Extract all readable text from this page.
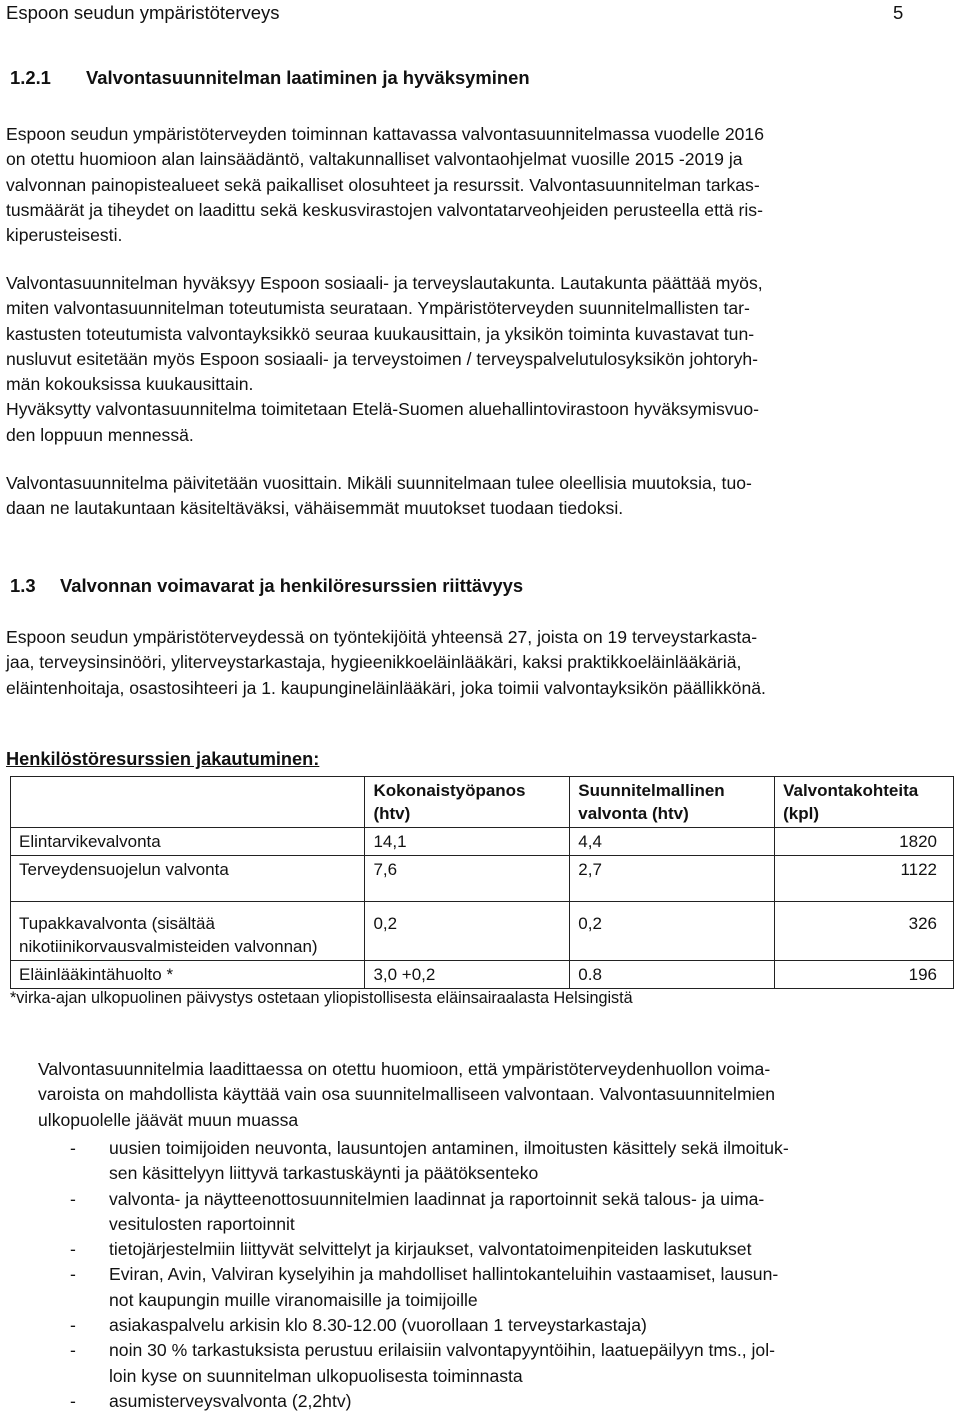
Espoon seudun ympäristöterveys	5
1.2.1 Valvontasuunnitelman laatiminen ja hyväksyminen
Espoon seudun ympäristöterveyden toiminnan kattavassa valvontasuunnitelmassa vuodelle 2016
on otettu huomioon alan lainsäädäntö, valtakunnalliset valvontaohjelmat vuosille 2015 -2019 ja
valvonnan painopistealueet sekä paikalliset olosuhteet ja resurssit. Valvontasuunnitelman tarkas-
tusmäärät ja tiheydet on laadittu sekä keskusvirastojen valvontatarveohjeiden perusteella että ris-
kiperusteisesti.
Valvontasuunnitelman hyväksyy Espoon sosiaali- ja terveyslautakunta. Lautakunta päättää myös,
miten valvontasuunnitelman toteutumista seurataan. Ympäristöterveyden suunnitelmallisten tar-
kastusten toteutumista valvontayksikkö seuraa kuukausittain, ja yksikön toiminta kuvastavat tun-
nusluvut esitetään myös Espoon sosiaali- ja terveystoimen / terveyspalvelutulosyksikön johtoryh-
män kokouksissa kuukausittain.
Hyväksytty valvontasuunnitelma toimitetaan Etelä-Suomen aluehallintovirastoon hyväksymisvuo-
den loppuun mennessä.
Valvontasuunnitelma päivitetään vuosittain. Mikäli suunnitelmaan tulee oleellisia muutoksia, tuo-
daan ne lautakuntaan käsiteltäväksi, vähäisemmät muutokset tuodaan tiedoksi.
1.3 Valvonnan voimavarat ja henkilöresurssien riittävyys
Espoon seudun ympäristöterveydessä on työntekijöitä yhteensä 27, joista on 19 terveystarkasta-
jaa, terveysinsinööri, yliterveystarkastaja, hygieenikkoeläinlääkäri, kaksi praktikkoeläinlääkäriä,
eläintenhoitaja, osastosihteeri ja 1. kaupungineläinlääkäri, joka toimii valvontayksikön päällikkönä.
Henkilöstöresurssien jakautuminen:
	Kokonaistyöpanos (htv)	Suunnitelmallinen valvonta (htv)	Valvontakohteita (kpl)
Elintarvikevalvonta	14,1	4,4	1820
Terveydensuojelun valvonta	7,6	2,7	1122
Tupakkavalvonta (sisältää nikotiinikorvausvalmisteiden valvonnan)	0,2	0,2	326
Eläinlääkintähuolto *	3,0 +0,2	0.8	196
*virka-ajan ulkopuolinen päivystys ostetaan yliopistollisesta eläinsairaalasta Helsingistä
Valvontasuunnitelmia laadittaessa on otettu huomioon, että ympäristöterveydenhuollon voima-
varoista on mahdollista käyttää vain osa suunnitelmalliseen valvontaan. Valvontasuunnitelmien
ulkopuolelle jäävät muun muassa
- uusien toimijoiden neuvonta, lausuntojen antaminen, ilmoitusten käsittely sekä ilmoituk-
sen käsittelyyn liittyvä tarkastuskäynti ja päätöksenteko
- valvonta- ja näytteenottosuunnitelmien laadinnat ja raportoinnit sekä talous- ja uima-
vesitulosten raportoinnit
- tietojärjestelmiin liittyvät selvittelyt ja kirjaukset, valvontatoimenpiteiden laskutukset
- Eviran, Avin, Valviran kyselyihin ja mahdolliset hallintokanteluihin vastaamiset, lausun-
not kaupungin muille viranomaisille ja toimijoille
- asiakaspalvelu arkisin klo 8.30-12.00 (vuorollaan 1 terveystarkastaja)
- noin 30 % tarkastuksista perustuu erilaisiin valvontapyyntöihin, laatuepäilyyn tms., jol-
loin kyse on suunnitelman ulkopuolisesta toiminnasta
- asumisterveysvalvonta (2,2htv)
